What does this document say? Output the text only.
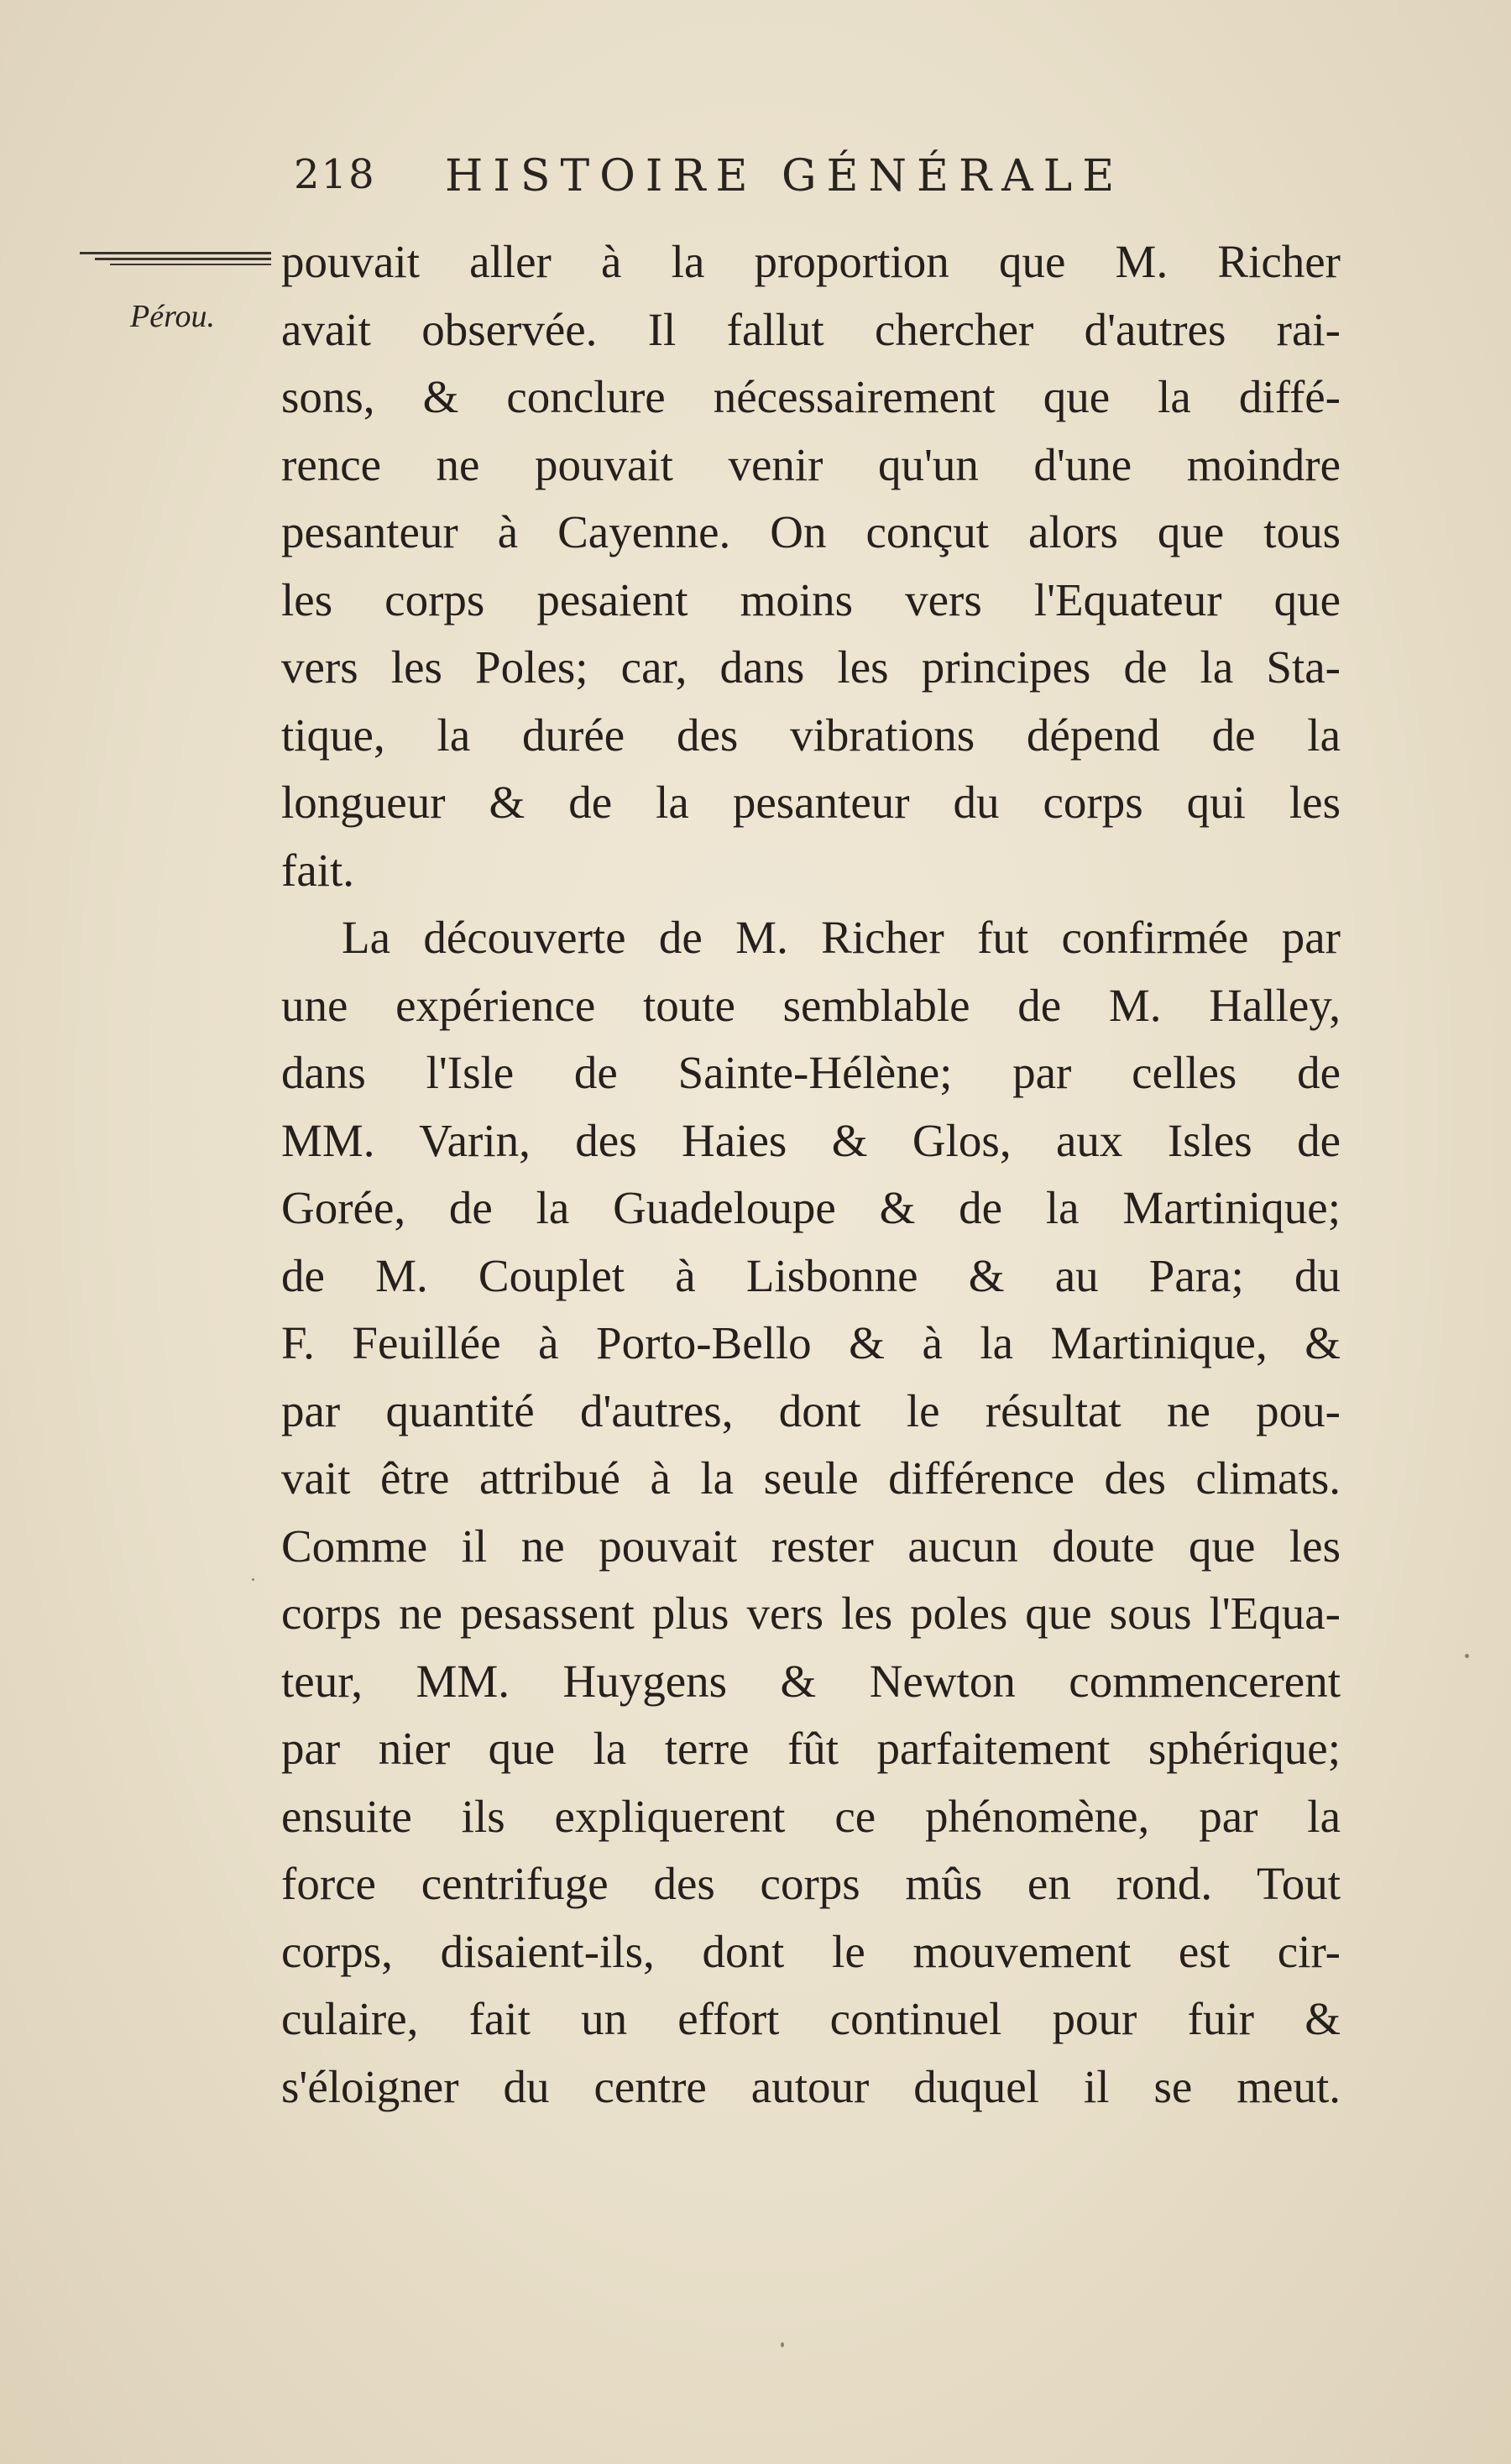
218 HISTOIRE GÉNÉRALE
Pérou.
pouvait aller à la proportion que M. Richer
avait observée. Il fallut chercher d'autres rai-
sons, & conclure nécessairement que la diffé-
rence ne pouvait venir qu'un d'une moindre
pesanteur à Cayenne. On conçut alors que tous
les corps pesaient moins vers l'Equateur que
vers les Poles; car, dans les principes de la Sta-
tique, la durée des vibrations dépend de la
longueur & de la pesanteur du corps qui les
fait.
La découverte de M. Richer fut confirmée par
une expérience toute semblable de M. Halley,
dans l'Isle de Sainte-Hélène; par celles de
MM. Varin, des Haies & Glos, aux Isles de
Gorée, de la Guadeloupe & de la Martinique;
de M. Couplet à Lisbonne & au Para; du
F. Feuillée à Porto-Bello & à la Martinique, &
par quantité d'autres, dont le résultat ne pou-
vait être attribué à la seule différence des climats.
Comme il ne pouvait rester aucun doute que les
corps ne pesassent plus vers les poles que sous l'Equa-
teur, MM. Huygens & Newton commencerent
par nier que la terre fût parfaitement sphérique;
ensuite ils expliquerent ce phénomène, par la
force centrifuge des corps mûs en rond. Tout
corps, disaient-ils, dont le mouvement est cir-
culaire, fait un effort continuel pour fuir &
s'éloigner du centre autour duquel il se meut.
